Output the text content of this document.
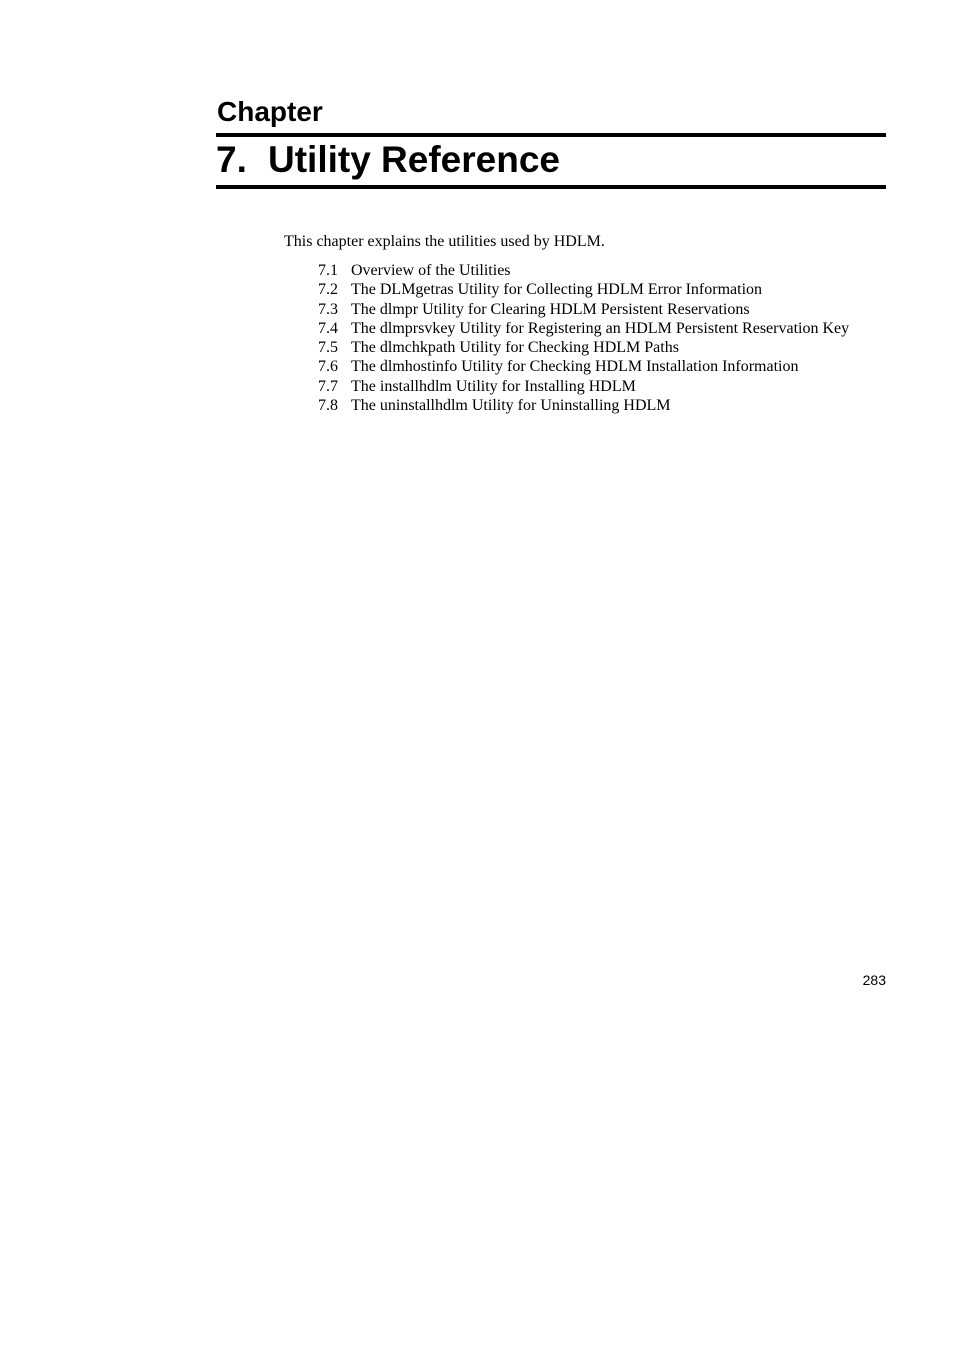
Chapter
7. Utility Reference

This chapter explains the utilities used by HDLM.

7.1 Overview of the Utilities
7.2 The DLMgetras Utility for Collecting HDLM Error Information
7.3 The dlmpr Utility for Clearing HDLM Persistent Reservations
7.4 The dlmprsvkey Utility for Registering an HDLM Persistent Reservation Key
7.5 The dlmchkpath Utility for Checking HDLM Paths
7.6 The dlmhostinfo Utility for Checking HDLM Installation Information
7.7 The installhdlm Utility for Installing HDLM
7.8 The uninstallhdlm Utility for Uninstalling HDLM

283
